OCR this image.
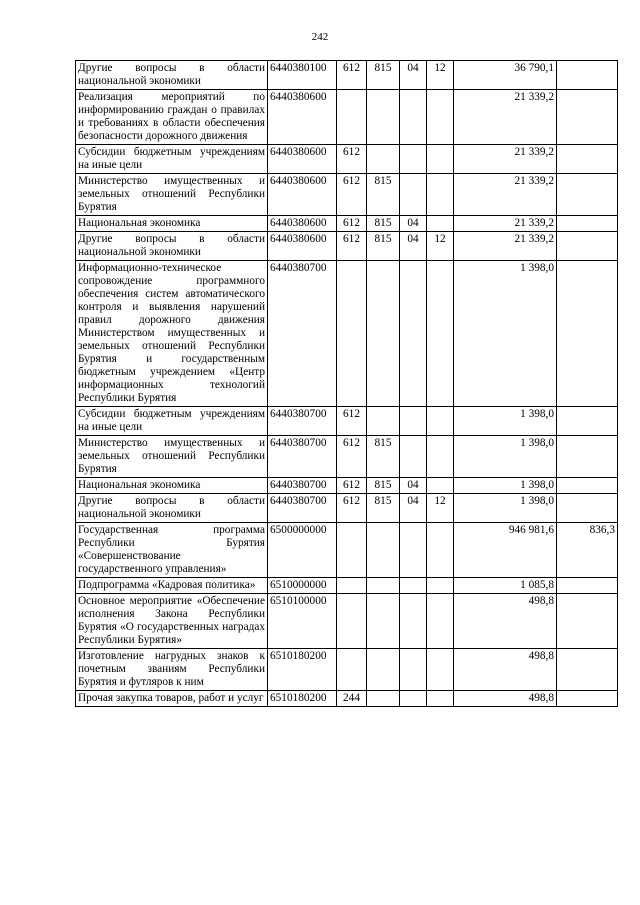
242
Другие вопросы в области национальной экономики	6440380100	612	815	04	12	36 790,1	
Реализация мероприятий по информированию граждан о правилах и требованиях в области обеспечения безопасности дорожного движения	6440380600					21 339,2	
Субсидии бюджетным учреждениям на иные цели	6440380600	612				21 339,2	
Министерство имущественных и земельных отношений Республики Бурятия	6440380600	612	815			21 339,2	
Национальная экономика	6440380600	612	815	04		21 339,2	
Другие вопросы в области национальной экономики	6440380600	612	815	04	12	21 339,2	
Информационно-техническое сопровождение программного обеспечения систем автоматического контроля и выявления нарушений правил дорожного движения Министерством имущественных и земельных отношений Республики Бурятия и государственным бюджетным учреждением «Центр информационных технологий Республики Бурятия	6440380700					1 398,0	
Субсидии бюджетным учреждениям на иные цели	6440380700	612				1 398,0	
Министерство имущественных и земельных отношений Республики Бурятия	6440380700	612	815			1 398,0	
Национальная экономика	6440380700	612	815	04		1 398,0	
Другие вопросы в области национальной экономики	6440380700	612	815	04	12	1 398,0	
Государственная программа Республики Бурятия «Совершенствование государственного управления»	6500000000					946 981,6	836,3
Подпрограмма «Кадровая политика»	6510000000					1 085,8	
Основное мероприятие «Обеспечение исполнения Закона Республики Бурятия «О государственных наградах Республики Бурятия»	6510100000					498,8	
Изготовление нагрудных знаков к почетным званиям Республики Бурятия и футляров к ним	6510180200					498,8	
Прочая закупка товаров, работ и услуг	6510180200	244				498,8	
